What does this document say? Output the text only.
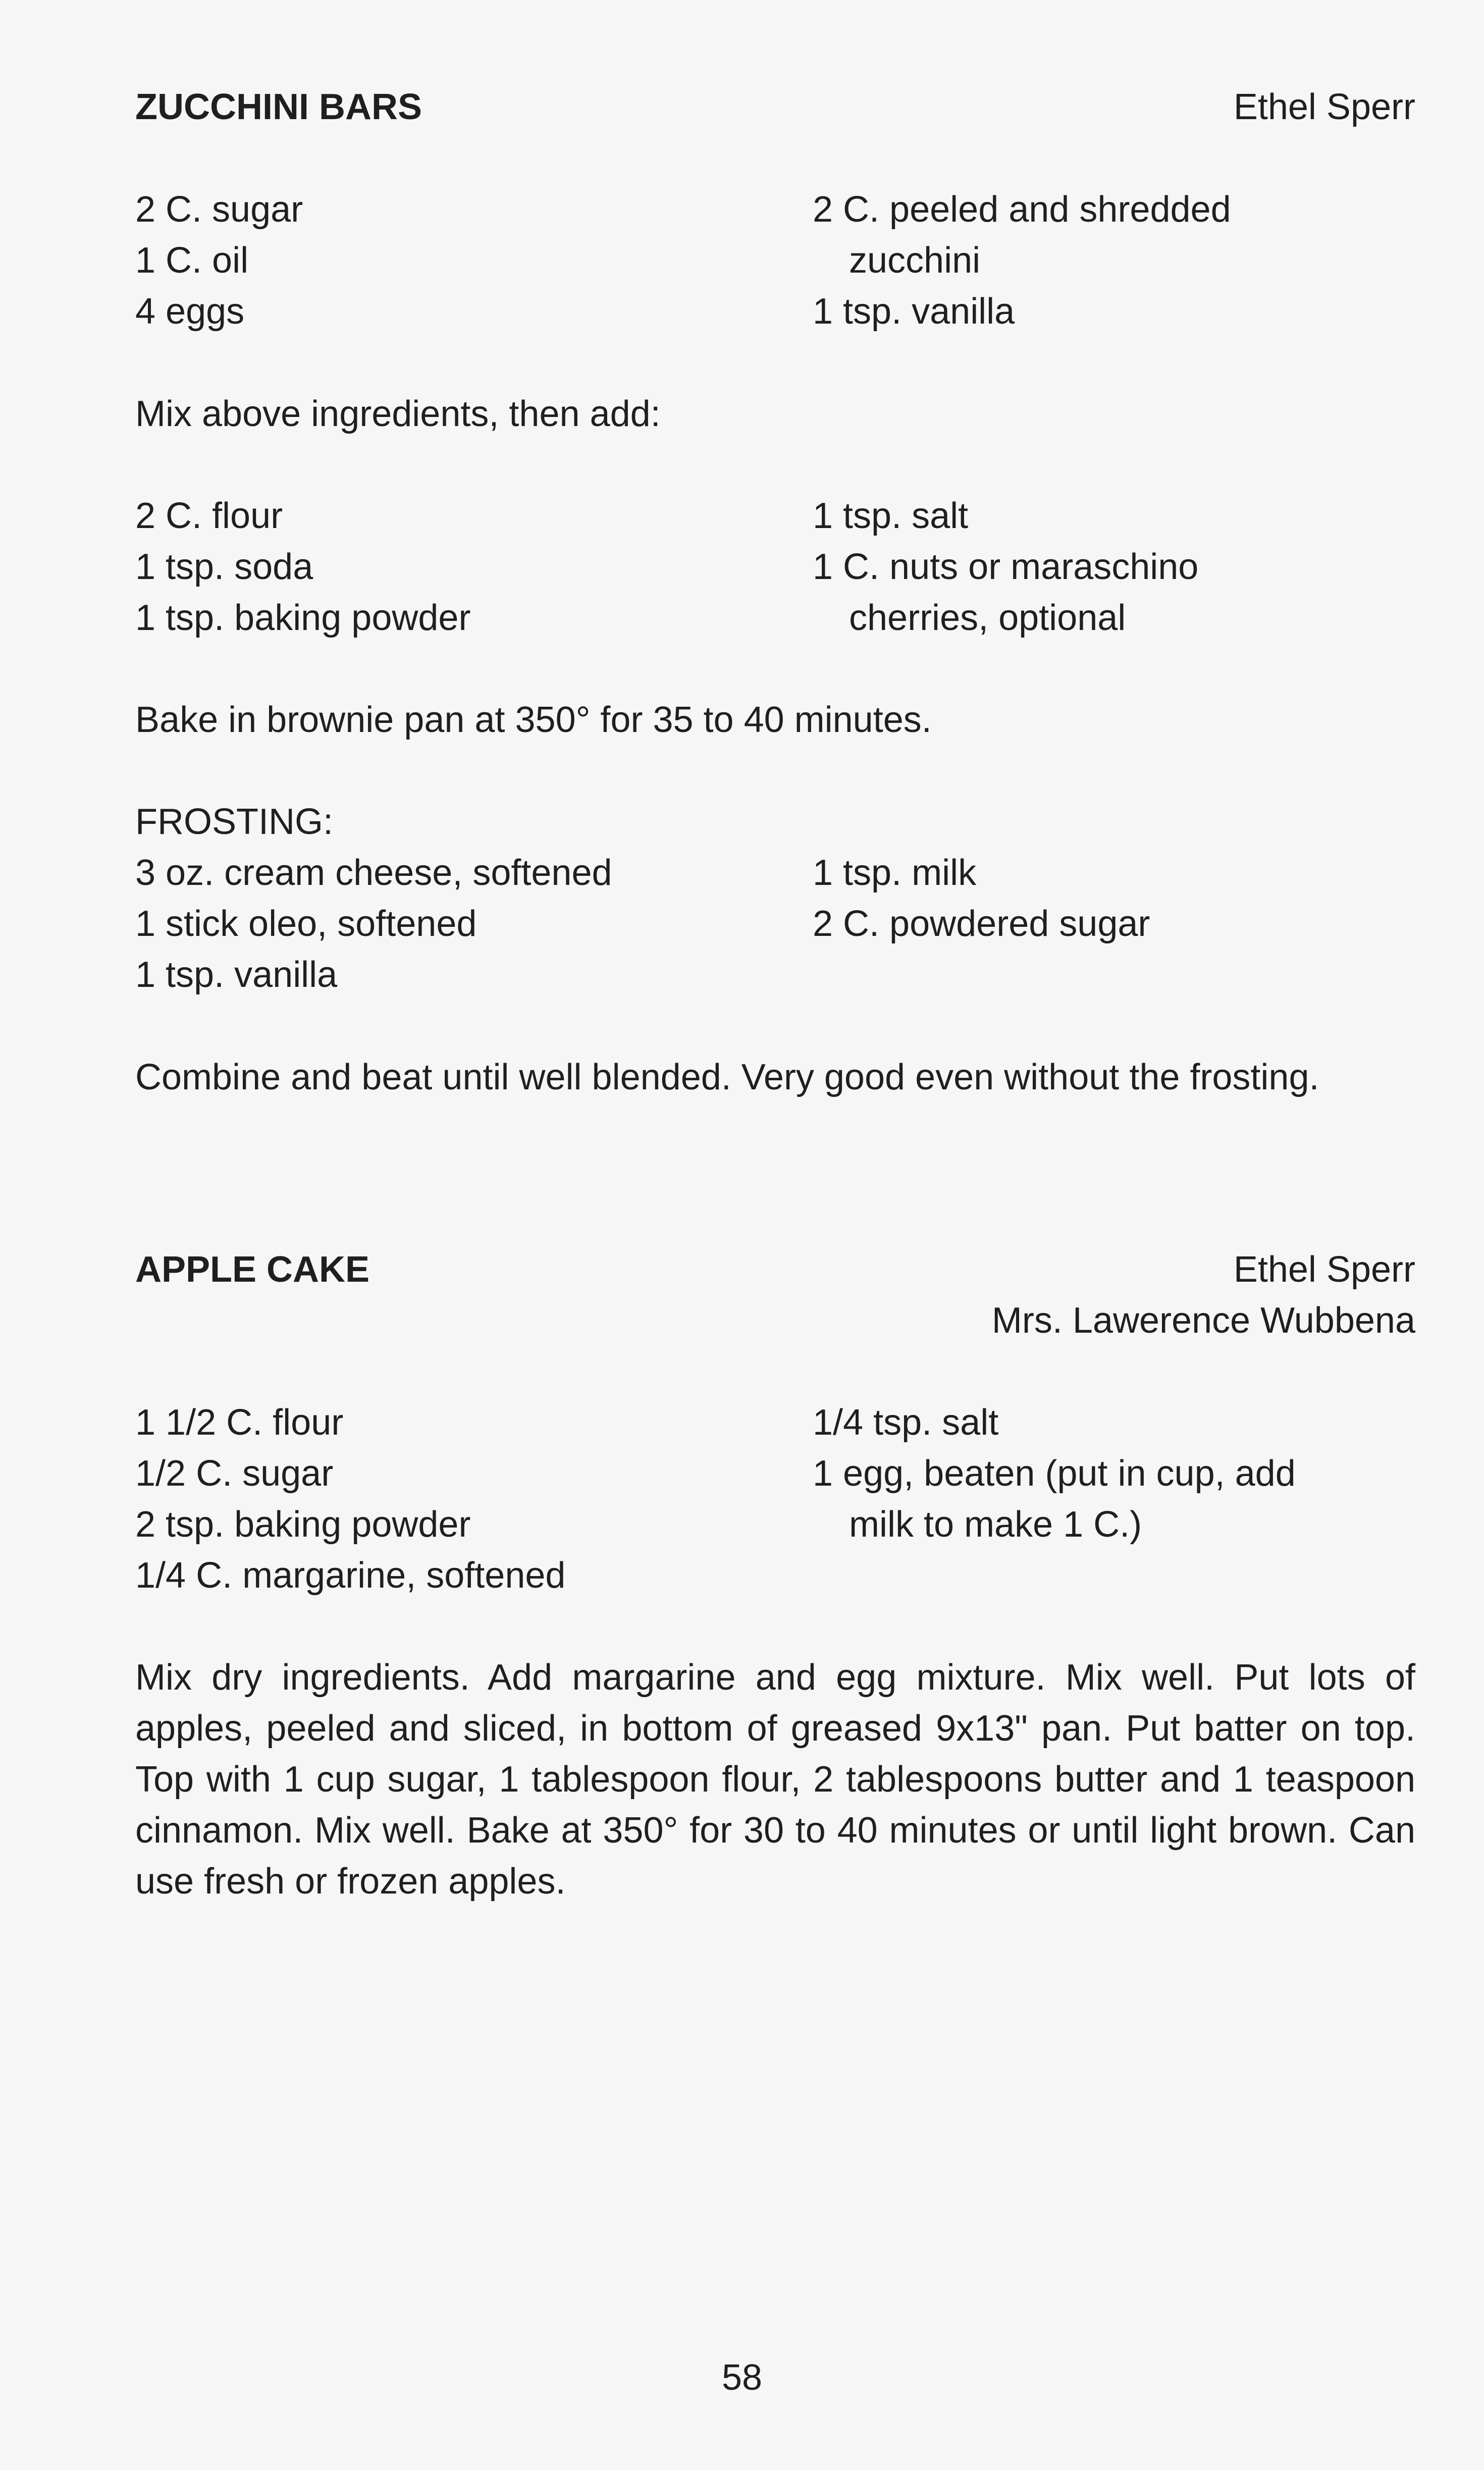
ZUCCHINI BARS	Ethel Sperr
2 C. sugar
1 C. oil
4 eggs
2 C. peeled and shredded
zucchini
1 tsp. vanilla
Mix above ingredients, then add:
2 C. flour
1 tsp. soda
1 tsp. baking powder
1 tsp. salt
1 C. nuts or maraschino
cherries, optional
Bake in brownie pan at 350° for 35 to 40 minutes.
FROSTING:
3 oz. cream cheese, softened
1 stick oleo, softened
1 tsp. vanilla
1 tsp. milk
2 C. powdered sugar
Combine and beat until well blended. Very good even without the frosting.
APPLE CAKE	Ethel Sperr
Mrs. Lawerence Wubbena
1 1/2 C. flour
1/2 C. sugar
2 tsp. baking powder
1/4 C. margarine, softened
1/4 tsp. salt
1 egg, beaten (put in cup, add
milk to make 1 C.)
Mix dry ingredients. Add margarine and egg mixture. Mix well. Put lots of apples, peeled and sliced, in bottom of greased 9x13" pan. Put batter on top. Top with 1 cup sugar, 1 tablespoon flour, 2 tablespoons butter and 1 teaspoon cinnamon. Mix well. Bake at 350° for 30 to 40 minutes or until light brown. Can use fresh or frozen apples.
58
